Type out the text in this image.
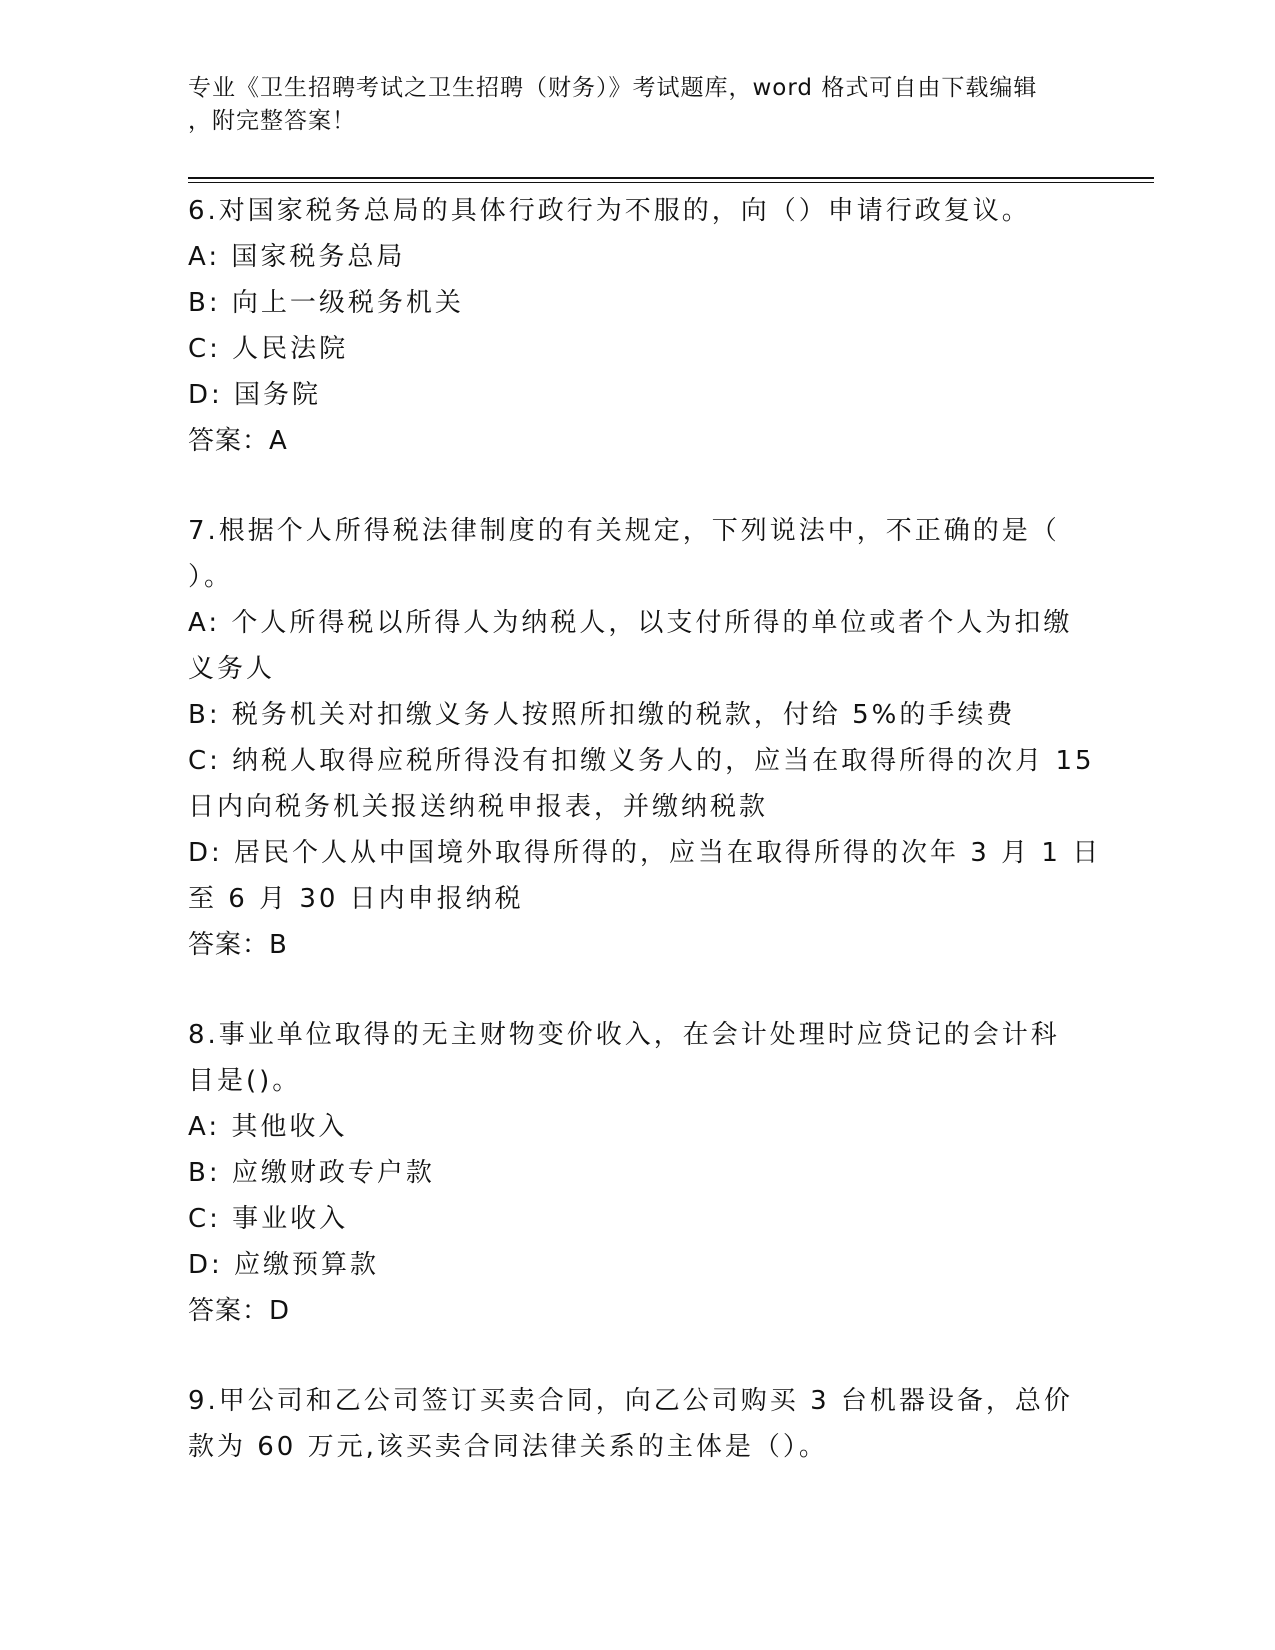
专业《卫生招聘考试之卫生招聘（财务）》考试题库，word 格式可自由下载编辑
，附完整答案！
6.对国家税务总局的具体行政行为不服的，向（）申请行政复议。
A: 国家税务总局
B: 向上一级税务机关
C: 人民法院
D: 国务院
答案：A
7.根据个人所得税法律制度的有关规定，下列说法中，不正确的是（
）。
A: 个人所得税以所得人为纳税人，以支付所得的单位或者个人为扣缴
义务人
B: 税务机关对扣缴义务人按照所扣缴的税款，付给 5%的手续费
C: 纳税人取得应税所得没有扣缴义务人的，应当在取得所得的次月 15
日内向税务机关报送纳税申报表，并缴纳税款
D: 居民个人从中国境外取得所得的，应当在取得所得的次年 3 月 1 日
至 6 月 30 日内申报纳税
答案：B
8.事业单位取得的无主财物变价收入，在会计处理时应贷记的会计科
目是()。
A: 其他收入
B: 应缴财政专户款
C: 事业收入
D: 应缴预算款
答案：D
9.甲公司和乙公司签订买卖合同，向乙公司购买 3 台机器设备，总价
款为 60 万元,该买卖合同法律关系的主体是（）。
